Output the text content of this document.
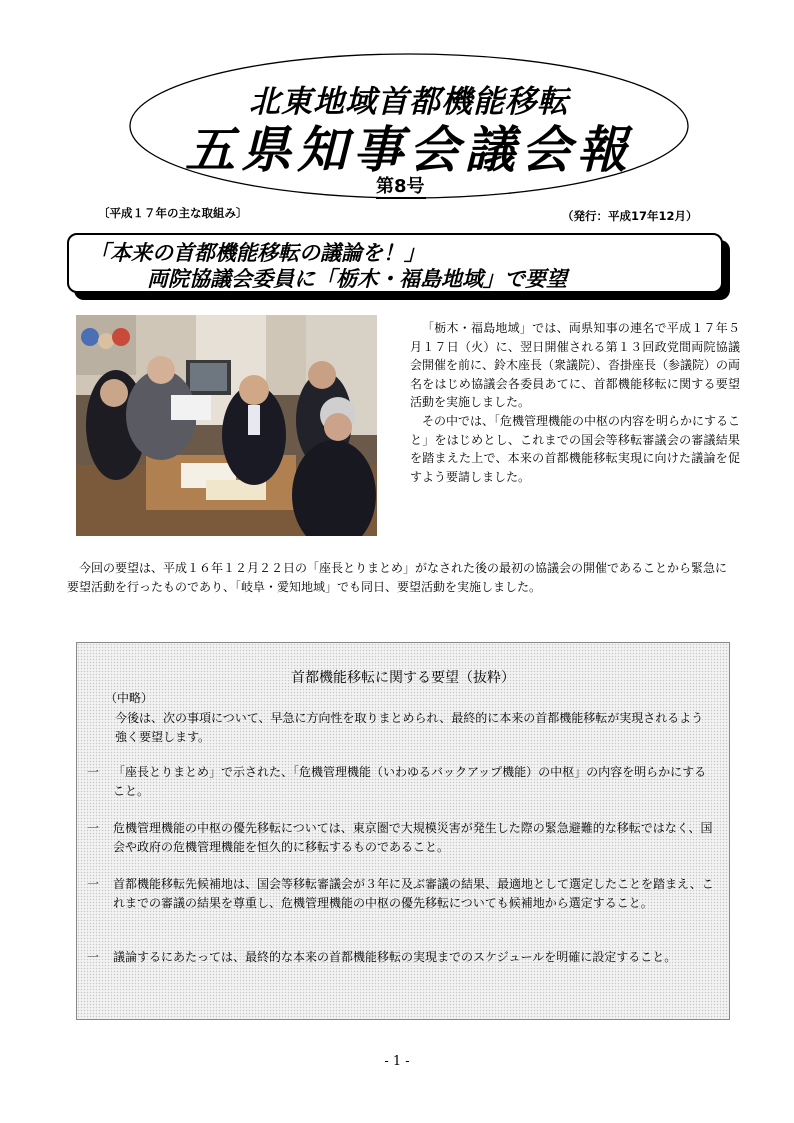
北東地域首都機能移転
五県知事会議会報
第8号
〔平成１７年の主な取組み〕	（発行：平成17年12月）
「本来の首都機能移転の議論を！」
両院協議会委員に「栃木・福島地域」で要望

「栃木・福島地域」では、両県知事の連名で平成１７年５月１７日（火）に、翌日開催される第１３回政党間両院協議会開催を前に、鈴木座長（衆議院）、沓掛座長（参議院）の両名をはじめ協議会各委員あてに、首都機能移転に関する要望活動を実施しました。

その中では、「危機管理機能の中枢の内容を明らかにすること」をはじめとし、これまでの国会等移転審議会の審議結果を踏まえた上で、本来の首都機能移転実現に向けた議論を促すよう要請しました。

今回の要望は、平成１６年１２月２２日の「座長とりまとめ」がなされた後の最初の協議会の開催であることから緊急に要望活動を行ったものであり、「岐阜・愛知地域」でも同日、要望活動を実施しました。

首都機能移転に関する要望（抜粋）
（中略）
今後は、次の事項について、早急に方向性を取りまとめられ、最終的に本来の首都機能移転が実現されるよう強く要望します。
一	「座長とりまとめ」で示された、「危機管理機能（いわゆるバックアップ機能）の中枢」の内容を明らかにすること。
一	危機管理機能の中枢の優先移転については、東京圏で大規模災害が発生した際の緊急避難的な移転ではなく、国会や政府の危機管理機能を恒久的に移転するものであること。
一	首都機能移転先候補地は、国会等移転審議会が３年に及ぶ審議の結果、最適地として選定したことを踏まえ、これまでの審議の結果を尊重し、危機管理機能の中枢の優先移転についても候補地から選定すること。
一	議論するにあたっては、最終的な本来の首都機能移転の実現までのスケジュールを明確に設定すること。
- 1 -
